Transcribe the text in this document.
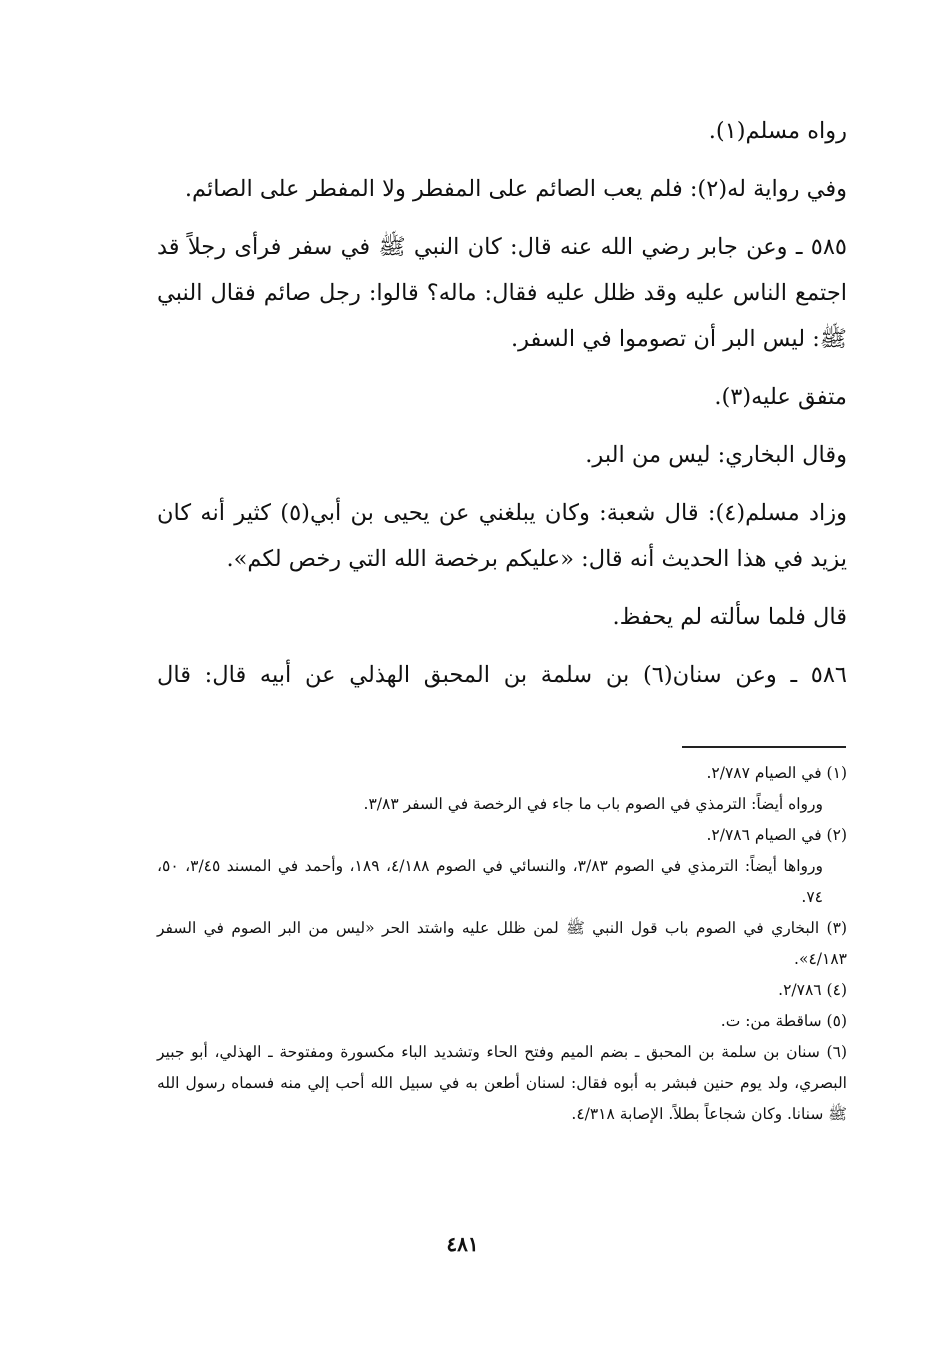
رواه مسلم(١).

وفي رواية له(٢): فلم يعب الصائم على المفطر ولا المفطر على الصائم.

٥٨٥ ـ وعن جابر رضي الله عنه قال: كان النبي ﷺ في سفر فرأى رجلاً قد اجتمع الناس عليه وقد ظلل عليه فقال: ماله؟ قالوا: رجل صائم فقال النبي ﷺ: ليس البر أن تصوموا في السفر.

متفق عليه(٣).

وقال البخاري: ليس من البر.

وزاد مسلم(٤): قال شعبة: وكان يبلغني عن يحيى بن أبي(٥) كثير أنه كان يزيد في هذا الحديث أنه قال: «عليكم برخصة الله التي رخص لكم».

قال فلما سألته لم يحفظ.

٥٨٦ ـ وعن سنان(٦) بن سلمة بن المحبق الهذلي عن أبيه قال: قال

(١) في الصيام ٢/٧٨٧.
ورواه أيضاً: الترمذي في الصوم باب ما جاء في الرخصة في السفر ٣/٨٣.

(٢) في الصيام ٢/٧٨٦.
ورواها أيضاً: الترمذي في الصوم ٣/٨٣، والنسائي في الصوم ٤/١٨٨، ١٨٩، وأحمد في المسند ٣/٤٥، ٥٠، ٧٤.

(٣) البخاري في الصوم باب قول النبي ﷺ لمن ظلل عليه واشتد الحر «ليس من البر الصوم في السفر ٤/١٨٣».

(٤) ٢/٧٨٦.

(٥) ساقطة من: ت.

(٦) سنان بن سلمة بن المحبق ـ بضم الميم وفتح الحاء وتشديد الباء مكسورة ومفتوحة ـ الهذلي، أبو جبير البصري، ولد يوم حنين فبشر به أبوه فقال: لسنان أطعن به في سبيل الله أحب إلي منه فسماه رسول الله ﷺ سنانا. وكان شجاعاً بطلاً. الإصابة ٤/٣١٨.

٤٨١
